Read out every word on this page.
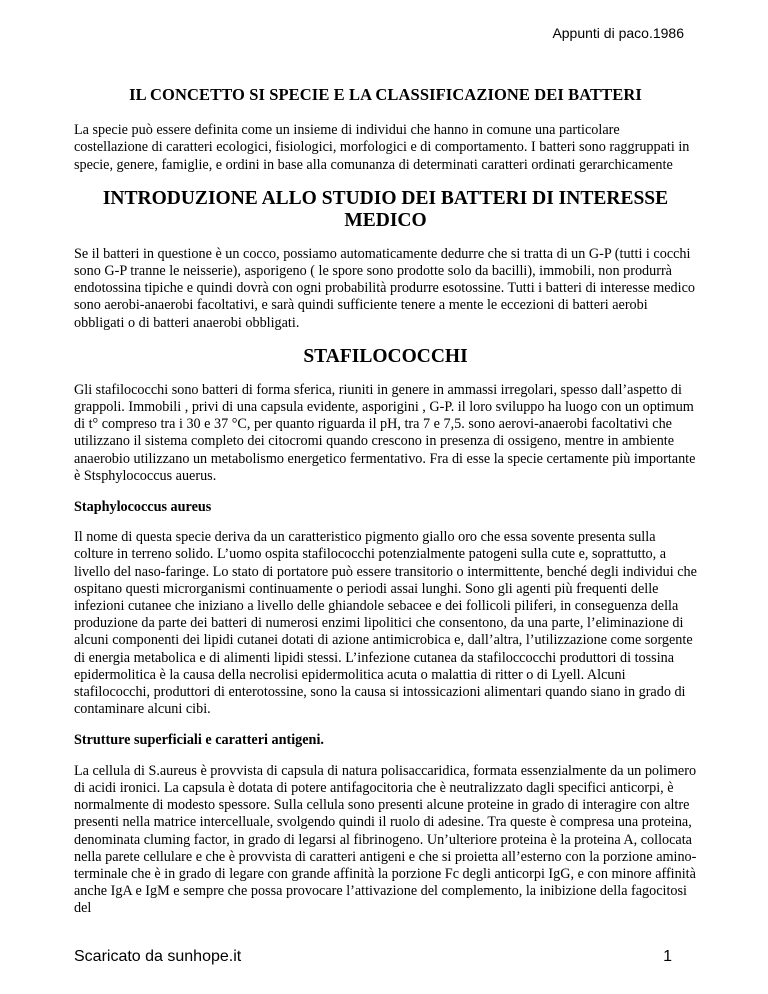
Appunti di paco.1986
IL CONCETTO SI SPECIE E LA CLASSIFICAZIONE DEI BATTERI

La specie può essere definita come un insieme di individui che hanno in comune una particolare costellazione di caratteri ecologici, fisiologici, morfologici e di comportamento. I batteri sono raggruppati in specie, genere, famiglie, e ordini in base alla comunanza di determinati caratteri ordinati gerarchicamente

INTRODUZIONE ALLO STUDIO DEI BATTERI DI INTERESSE MEDICO

Se il batteri in questione è un cocco, possiamo automaticamente dedurre che si tratta di un G-P (tutti i cocchi sono G-P tranne le neisserie), asporigeno ( le spore sono prodotte solo da bacilli), immobili, non produrrà endotossina tipiche e quindi dovrà con ogni probabilità produrre esotossine. Tutti i batteri di interesse medico sono aerobi-anaerobi facoltativi, e sarà quindi sufficiente tenere a mente le eccezioni di batteri aerobi obbligati o di batteri anaerobi obbligati.

STAFILOCOCCHI

Gli stafilococchi sono batteri di forma sferica, riuniti in genere in ammassi irregolari, spesso dall’aspetto di grappoli. Immobili , privi di una capsula evidente, asporigini , G-P. il loro sviluppo ha luogo con un optimum di t° compreso tra i 30 e 37 °C, per quanto riguarda il pH, tra 7 e 7,5. sono aerovi-anaerobi facoltativi che utilizzano il sistema completo dei citocromi quando crescono in presenza di ossigeno, mentre in ambiente anaerobio utilizzano un metabolismo energetico fermentativo. Fra di esse la specie certamente più importante è Stsphylococcus auerus.

Staphylococcus aureus

Il nome di questa specie deriva da un caratteristico pigmento giallo oro che essa sovente presenta sulla colture in terreno solido. L’uomo ospita stafilococchi potenzialmente patogeni sulla cute e, soprattutto, a livello del naso-faringe. Lo stato di portatore può essere transitorio o intermittente, benché degli individui che ospitano questi microrganismi continuamente o periodi assai lunghi. Sono gli agenti più frequenti delle infezioni cutanee che iniziano a livello delle ghiandole sebacee e dei follicoli piliferi, in conseguenza della produzione da parte dei batteri di numerosi enzimi lipolitici che consentono, da una parte, l’eliminazione di alcuni componenti dei lipidi cutanei dotati di azione antimicrobica e, dall’altra, l’utilizzazione come sorgente di energia metabolica e di alimenti lipidi stessi. L’infezione cutanea da stafiloccocchi produttori di tossina epidermolitica è la causa della necrolisi epidermolitica acuta o malattia di ritter o di Lyell. Alcuni stafilococchi, produttori di enterotossine, sono la causa si intossicazioni alimentari quando siano in grado di contaminare alcuni cibi.

Strutture superficiali e caratteri antigeni.

La cellula di S.aureus è provvista di capsula di natura polisaccaridica, formata essenzialmente da un polimero di acidi ironici. La capsula è dotata di potere antifagocitoria che è neutralizzato dagli specifici anticorpi, è normalmente di modesto spessore. Sulla cellula sono presenti alcune proteine in grado di interagire con altre presenti nella matrice intercelluale, svolgendo quindi il ruolo di adesine. Tra queste è compresa una proteina, denominata cluming factor, in grado di legarsi al fibrinogeno. Un’ulteriore proteina è la proteina A, collocata nella parete cellulare e che è provvista di caratteri antigeni e che si proietta all’esterno con la porzione amino-terminale che è in grado di legare con grande affinità la porzione Fc degli anticorpi IgG, e con minore affinità anche IgA e IgM e sempre che possa provocare l’attivazione del complemento, la inibizione della fagocitosi del

Scaricato da sunhope.it	1
